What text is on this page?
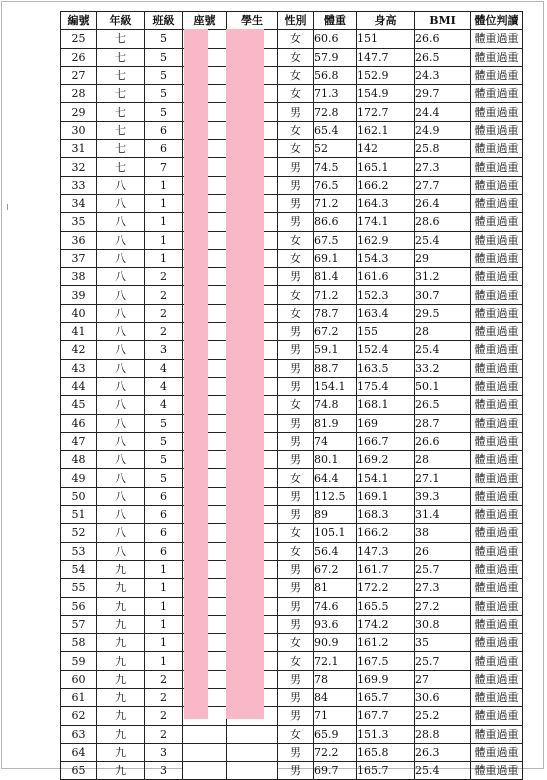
編號	年級	班級	座號	學生	性別	體重	身高	BMI	體位判讀
25	七	5			女	60.6	151	26.6	體重過重
26	七	5			女	57.9	147.7	26.5	體重過重
27	七	5			女	56.8	152.9	24.3	體重過重
28	七	5			女	71.3	154.9	29.7	體重過重
29	七	5			男	72.8	172.7	24.4	體重過重
30	七	6			女	65.4	162.1	24.9	體重過重
31	七	6			女	52	142	25.8	體重過重
32	七	7			男	74.5	165.1	27.3	體重過重
33	八	1			男	76.5	166.2	27.7	體重過重
34	八	1			男	71.2	164.3	26.4	體重過重
35	八	1			男	86.6	174.1	28.6	體重過重
36	八	1			女	67.5	162.9	25.4	體重過重
37	八	1			女	69.1	154.3	29	體重過重
38	八	2			男	81.4	161.6	31.2	體重過重
39	八	2			女	71.2	152.3	30.7	體重過重
40	八	2			女	78.7	163.4	29.5	體重過重
41	八	2			男	67.2	155	28	體重過重
42	八	3			男	59.1	152.4	25.4	體重過重
43	八	4			男	88.7	163.5	33.2	體重過重
44	八	4			男	154.1	175.4	50.1	體重過重
45	八	4			女	74.8	168.1	26.5	體重過重
46	八	5			男	81.9	169	28.7	體重過重
47	八	5			男	74	166.7	26.6	體重過重
48	八	5			男	80.1	169.2	28	體重過重
49	八	5			女	64.4	154.1	27.1	體重過重
50	八	6			男	112.5	169.1	39.3	體重過重
51	八	6			男	89	168.3	31.4	體重過重
52	八	6			女	105.1	166.2	38	體重過重
53	八	6			女	56.4	147.3	26	體重過重
54	九	1			男	67.2	161.7	25.7	體重過重
55	九	1			男	81	172.2	27.3	體重過重
56	九	1			男	74.6	165.5	27.2	體重過重
57	九	1			男	93.6	174.2	30.8	體重過重
58	九	1			女	90.9	161.2	35	體重過重
59	九	1			女	72.1	167.5	25.7	體重過重
60	九	2			男	78	169.9	27	體重過重
61	九	2			男	84	165.7	30.6	體重過重
62	九	2			男	71	167.7	25.2	體重過重
63	九	2			女	65.9	151.3	28.8	體重過重
64	九	3			男	72.2	165.8	26.3	體重過重
65	九	3			男	69.7	165.7	25.4	體重過重
